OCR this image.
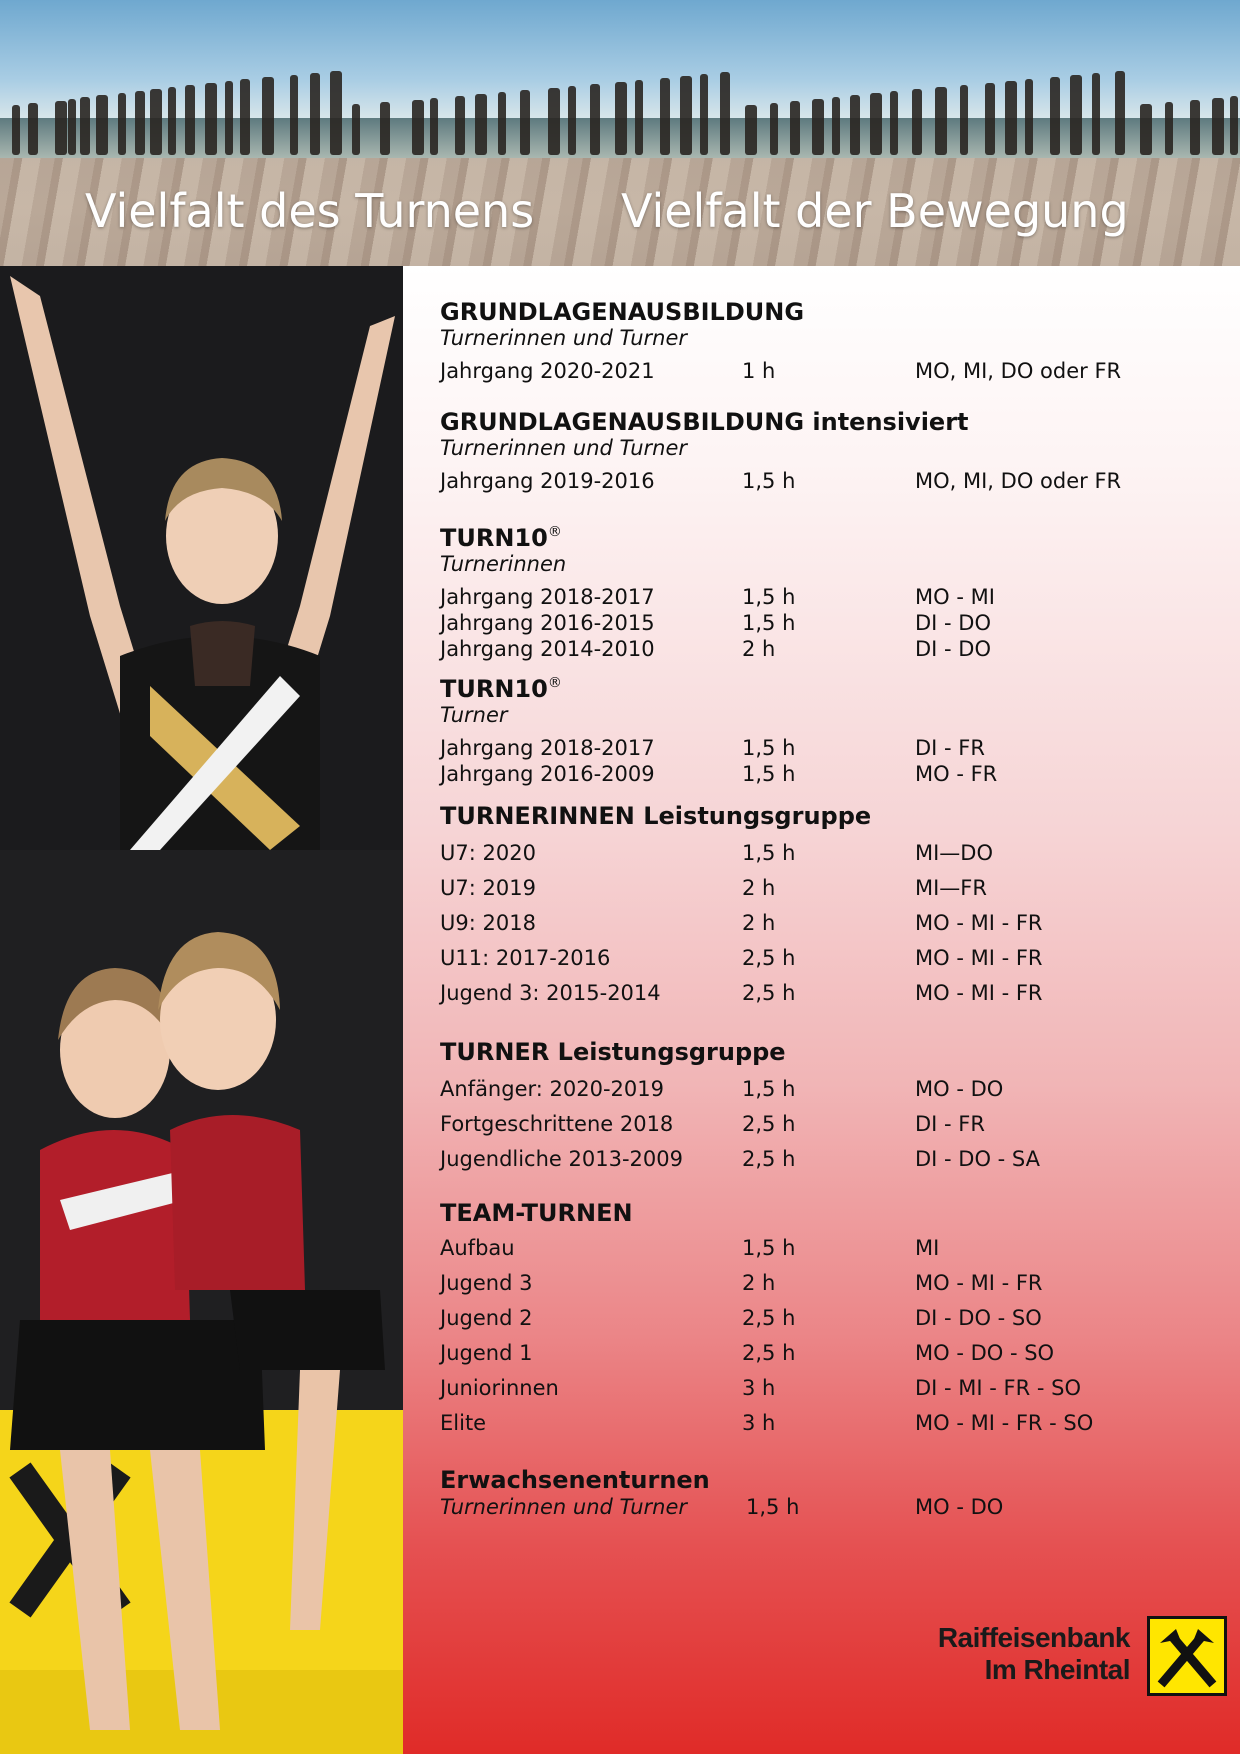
Vielfalt des Turnens Vielfalt der Bewegung
GRUNDLAGENAUSBILDUNG
Turnerinnen und Turner
Jahrgang 2020-2021	1 h	MO, MI, DO oder FR
GRUNDLAGENAUSBILDUNG intensiviert
Turnerinnen und Turner
Jahrgang 2019-2016	1,5 h	MO, MI, DO oder FR
TURN10®
Turnerinnen
Jahrgang 2018-2017	1,5 h	MO - MI
Jahrgang 2016-2015	1,5 h	DI - DO
Jahrgang 2014-2010	2 h	DI - DO
TURN10®
Turner
Jahrgang 2018-2017	1,5 h	DI - FR
Jahrgang 2016-2009	1,5 h	MO - FR
TURNERINNEN Leistungsgruppe
U7: 2020	1,5 h	MI—DO
U7: 2019	2 h	MI—FR
U9: 2018	2 h	MO - MI - FR
U11: 2017-2016	2,5 h	MO - MI - FR
Jugend 3: 2015-2014	2,5 h	MO - MI - FR
TURNER Leistungsgruppe
Anfänger: 2020-2019	1,5 h	MO - DO
Fortgeschrittene 2018	2,5 h	DI - FR
Jugendliche 2013-2009	2,5 h	DI - DO - SA
TEAM-TURNEN
Aufbau	1,5 h	MI
Jugend 3	2 h	MO - MI - FR
Jugend 2	2,5 h	DI - DO - SO
Jugend 1	2,5 h	MO - DO - SO
Juniorinnen	3 h	DI - MI - FR - SO
Elite	3 h	MO - MI - FR - SO
Erwachsenenturnen
Turnerinnen und Turner	1,5 h	MO - DO
Raiffeisenbank
Im Rheintal
